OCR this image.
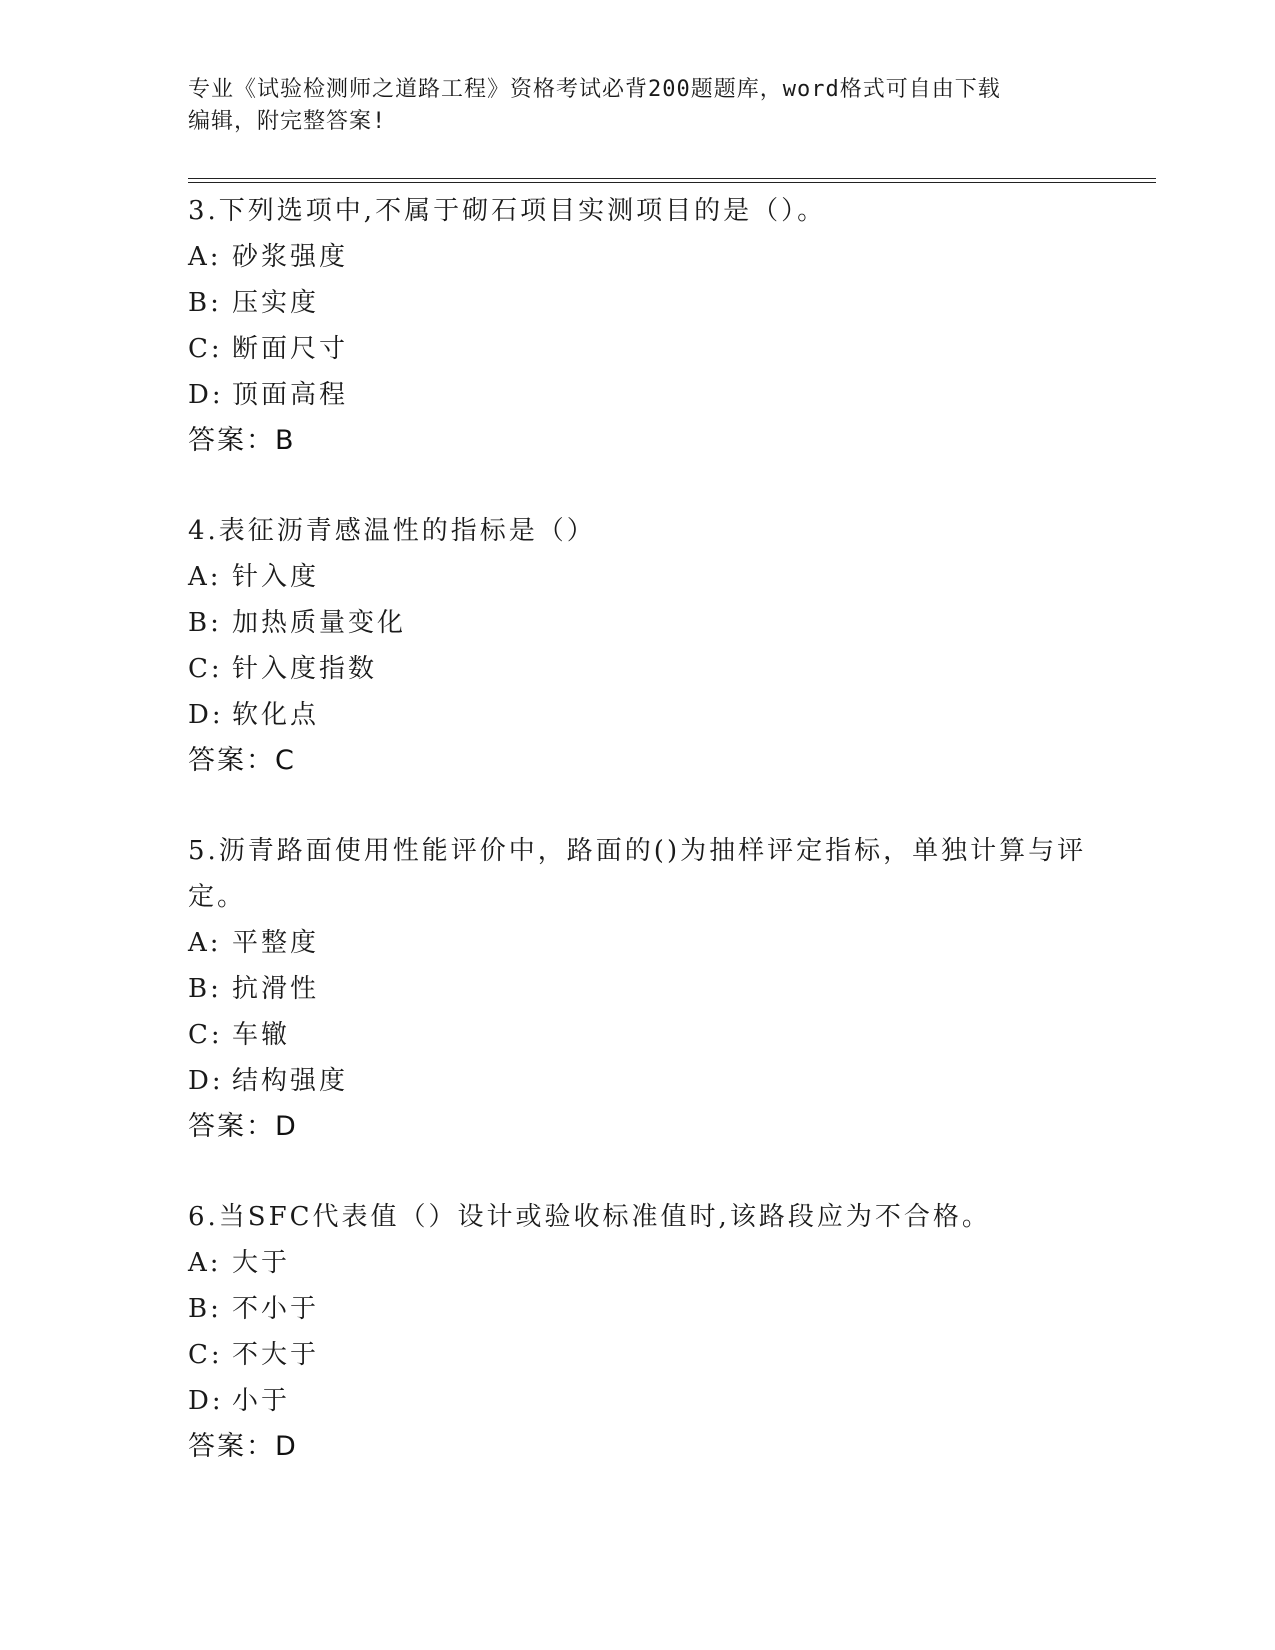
专业《试验检测师之道路工程》资格考试必背200题题库，word格式可自由下载
编辑，附完整答案!

3.下列选项中,不属于砌石项目实测项目的是（）。

A: 砂浆强度

B: 压实度

C: 断面尺寸

D: 顶面高程

答案：B

4.表征沥青感温性的指标是（）

A: 针入度

B: 加热质量变化

C: 针入度指数

D: 软化点

答案：C

5.沥青路面使用性能评价中，路面的()为抽样评定指标，单独计算与评定。

A: 平整度

B: 抗滑性

C: 车辙

D: 结构强度

答案：D

6.当SFC代表值（）设计或验收标准值时,该路段应为不合格。

A: 大于

B: 不小于

C: 不大于

D: 小于

答案：D
